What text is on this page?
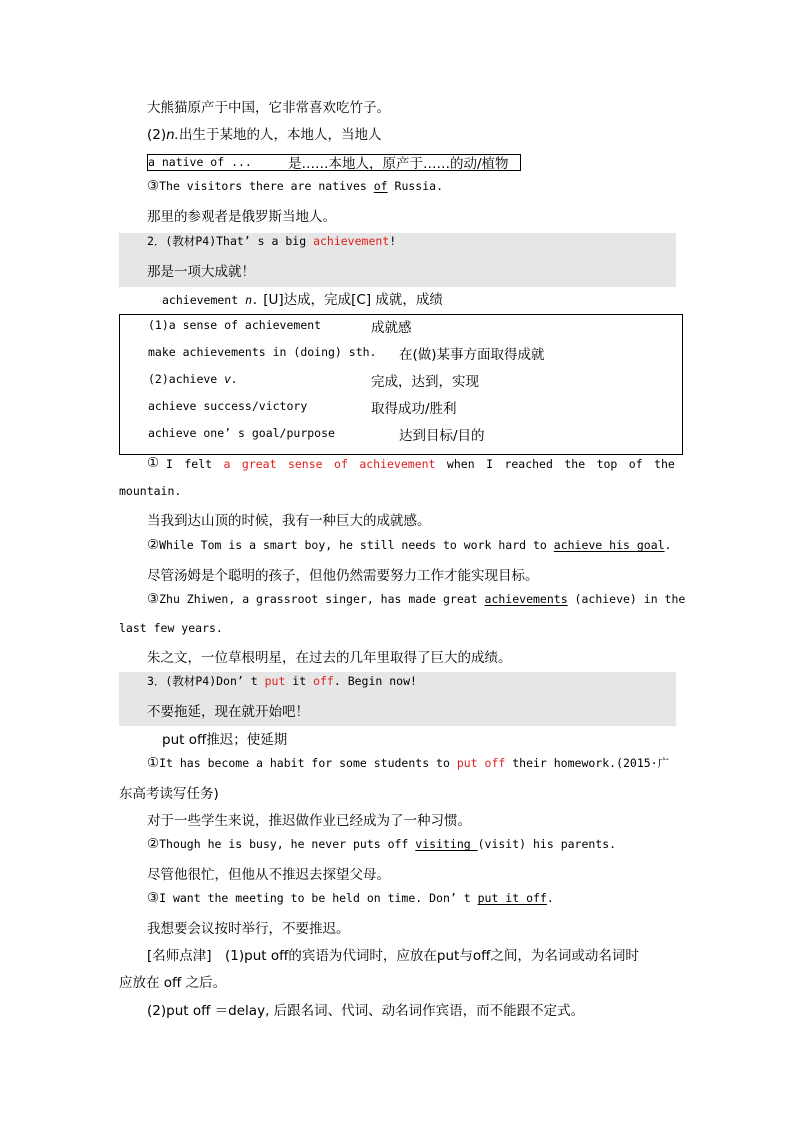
大熊猫原产于中国，它非常喜欢吃竹子。
(2)n.出生于某地的人，本地人，当地人
a native of ...	是……本地人，原产于……的动/植物
③The visitors there are natives of Russia.
那里的参观者是俄罗斯当地人。
2．(教材P4)That’ s a big achievement!
那是一项大成就！
achievement n. [U]达成，完成[C] 成就，成绩
(1)a sense of achievement	成就感
make achievements in (doing) sth. 在(做)某事方面取得成就
(2)achieve v.	完成，达到，实现
achieve success/victory	取得成功/胜利
achieve one’ s goal/purpose	达到目标/目的
① I felt a great sense of achievement when I reached the top of the
mountain.
当我到达山顶的时候，我有一种巨大的成就感。
②While Tom is a smart boy, he still needs to work hard to achieve his goal.
尽管汤姆是个聪明的孩子，但他仍然需要努力工作才能实现目标。
③Zhu Zhiwen, a grassroot singer, has made great achievements (achieve) in the
last few years.
朱之文，一位草根明星，在过去的几年里取得了巨大的成绩。
3．(教材P4)Don’ t put it off. Begin now!
不要拖延，现在就开始吧！
put off推迟；使延期
①It has become a habit for some students to put off their homework.(2015·广
东高考读写任务)
对于一些学生来说，推迟做作业已经成为了一种习惯。
②Though he is busy, he never puts off visiting (visit) his parents.
尽管他很忙，但他从不推迟去探望父母。
③I want the meeting to be held on time. Don’ t put it off.
我想要会议按时举行，不要推迟。
[名师点津]　(1)put off的宾语为代词时，应放在put与off之间，为名词或动名词时
应放在 off 之后。
(2)put off ＝delay, 后跟名词、代词、动名词作宾语，而不能跟不定式。
